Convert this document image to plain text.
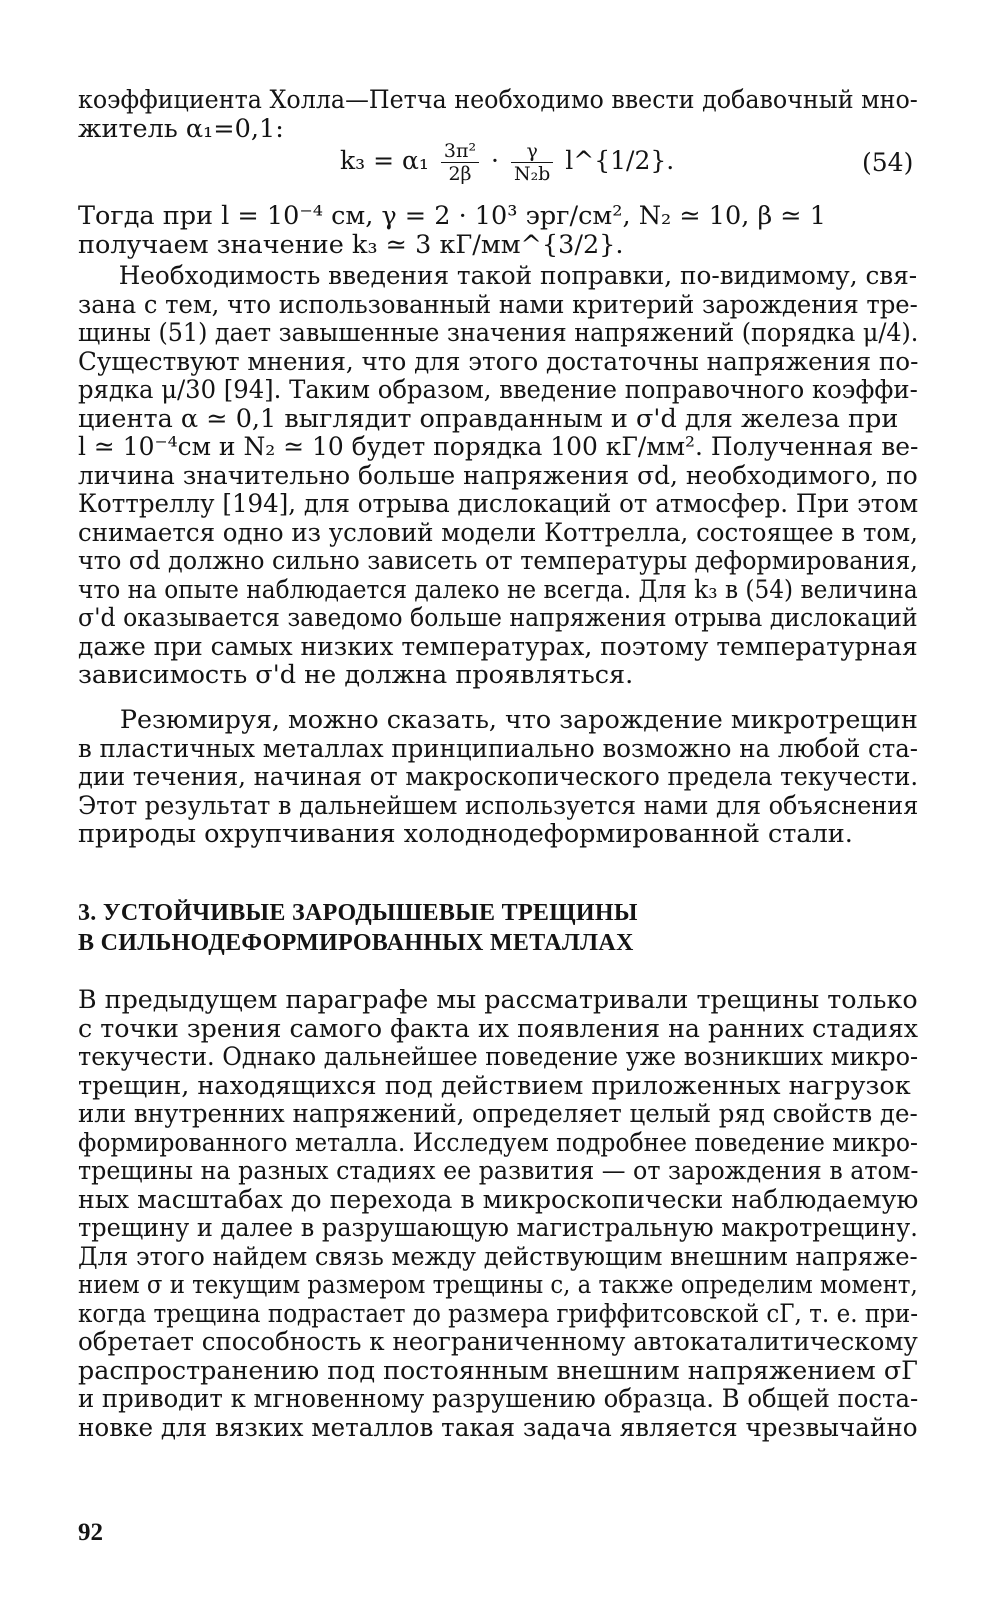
коэффициента Холла—Петча необходимо ввести добавочный мно-
житель α₁=0,1:

$k_3 = \alpha_1 \frac{\text{3π²}}{2\beta} \cdot \frac{\gamma}{\text{N₂b}}$ l^{1/2}.	(54)

Тогда при l = 10⁻⁴ см, γ = 2 · 10³ эрг/см², N₂ ≃ 10, β ≃ 1
получаем значение k₃ ≃ 3 кГ/мм^{3/2}.

Необходимость введения такой поправки, по-видимому, свя-
зана с тем, что использованный нами критерий зарождения тре-
щины (51) дает завышенные значения напряжений (порядка μ/4).
Существуют мнения, что для этого достаточны напряжения по-
рядка μ/30 [94]. Таким образом, введение поправочного коэффи-
циента α ≃ 0,1 выглядит оправданным и σ'd для железа при
l ≃ 10⁻⁴см и N₂ ≃ 10 будет порядка 100 кГ/мм². Полученная ве-
личина значительно больше напряжения σd, необходимого, по
Коттреллу [194], для отрыва дислокаций от атмосфер. При этом
снимается одно из условий модели Коттрелла, состоящее в том,
что σd должно сильно зависеть от температуры деформирования,
что на опыте наблюдается далеко не всегда. Для k₃ в (54) величина
σ'd оказывается заведомо больше напряжения отрыва дислокаций
даже при самых низких температурах, поэтому температурная
зависимость σ'd не должна проявляться.

Резюмируя, можно сказать, что зарождение микротрещин
в пластичных металлах принципиально возможно на любой ста-
дии течения, начиная от макроскопического предела текучести.
Этот результат в дальнейшем используется нами для объяснения
природы охрупчивания холоднодеформированной стали.

3. УСТОЙЧИВЫЕ ЗАРОДЫШЕВЫЕ ТРЕЩИНЫ
В СИЛЬНОДЕФОРМИРОВАННЫХ МЕТАЛЛАХ

В предыдущем параграфе мы рассматривали трещины только
с точки зрения самого факта их появления на ранних стадиях
текучести. Однако дальнейшее поведение уже возникших микро-
трещин, находящихся под действием приложенных нагрузок
или внутренних напряжений, определяет целый ряд свойств де-
формированного металла. Исследуем подробнее поведение микро-
трещины на разных стадиях ее развития — от зарождения в атом-
ных масштабах до перехода в микроскопически наблюдаемую
трещину и далее в разрушающую магистральную макротрещину.
Для этого найдем связь между действующим внешним напряже-
нием σ и текущим размером трещины c, а также определим момент,
когда трещина подрастает до размера гриффитсовской cГ, т. е. при-
обретает способность к неограниченному автокаталитическому
распространению под постоянным внешним напряжением σГ
и приводит к мгновенному разрушению образца. В общей поста-
новке для вязких металлов такая задача является чрезвычайно

92
